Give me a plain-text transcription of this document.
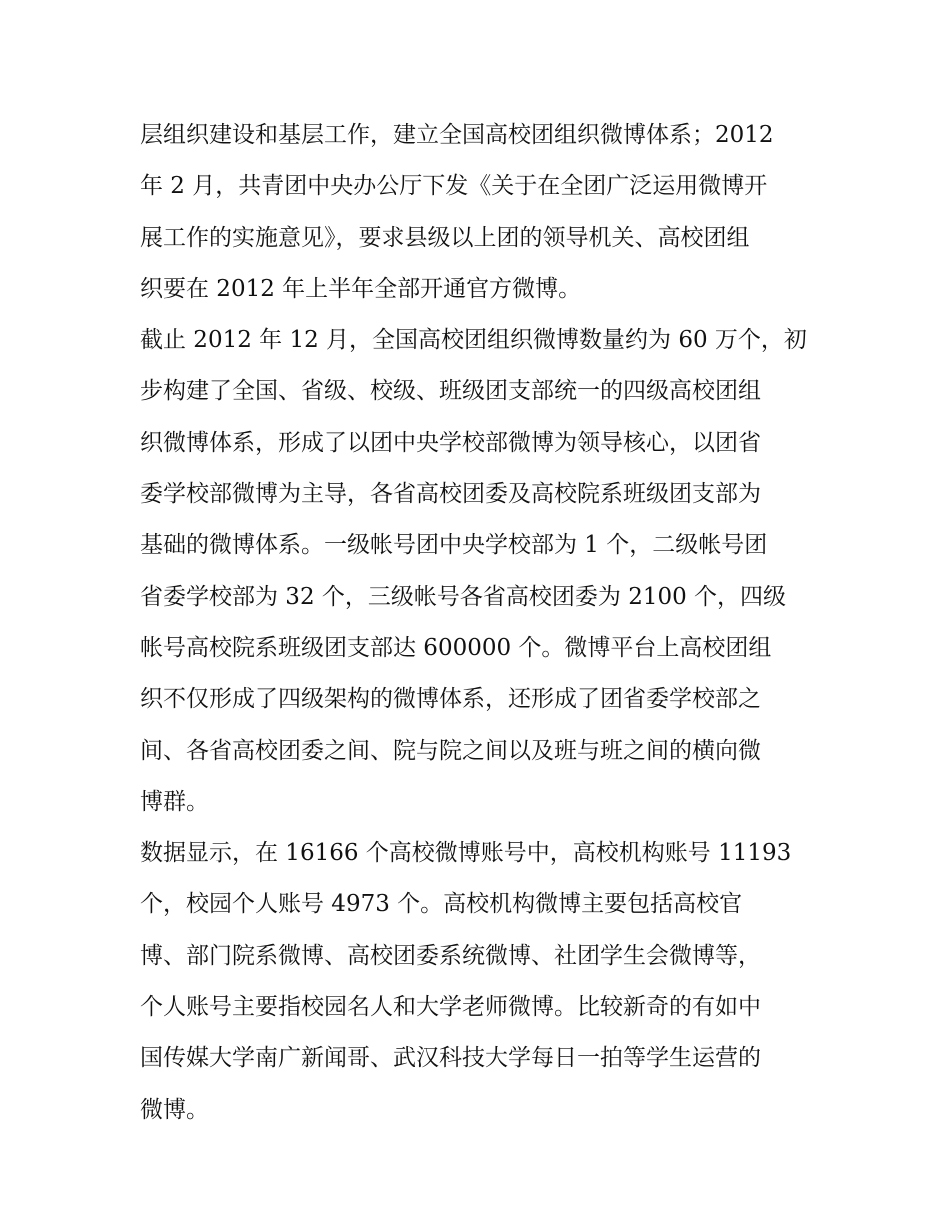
层组织建设和基层工作，建立全国高校团组织微博体系；2012
年 2 月，共青团中央办公厅下发《关于在全团广泛运用微博开
展工作的实施意见》，要求县级以上团的领导机关、高校团组
织要在 2012 年上半年全部开通官方微博。
截止 2012 年 12 月，全国高校团组织微博数量约为 60 万个，初
步构建了全国、省级、校级、班级团支部统一的四级高校团组
织微博体系，形成了以团中央学校部微博为领导核心，以团省
委学校部微博为主导，各省高校团委及高校院系班级团支部为
基础的微博体系。一级帐号团中央学校部为 1 个，二级帐号团
省委学校部为 32 个，三级帐号各省高校团委为 2100 个，四级
帐号高校院系班级团支部达 600000 个。微博平台上高校团组
织不仅形成了四级架构的微博体系，还形成了团省委学校部之
间、各省高校团委之间、院与院之间以及班与班之间的横向微
博群。
数据显示，在 16166 个高校微博账号中，高校机构账号 11193
个，校园个人账号 4973 个。高校机构微博主要包括高校官
博、部门院系微博、高校团委系统微博、社团学生会微博等，
个人账号主要指校园名人和大学老师微博。比较新奇的有如中
国传媒大学南广新闻哥、武汉科技大学每日一拍等学生运营的
微博。
